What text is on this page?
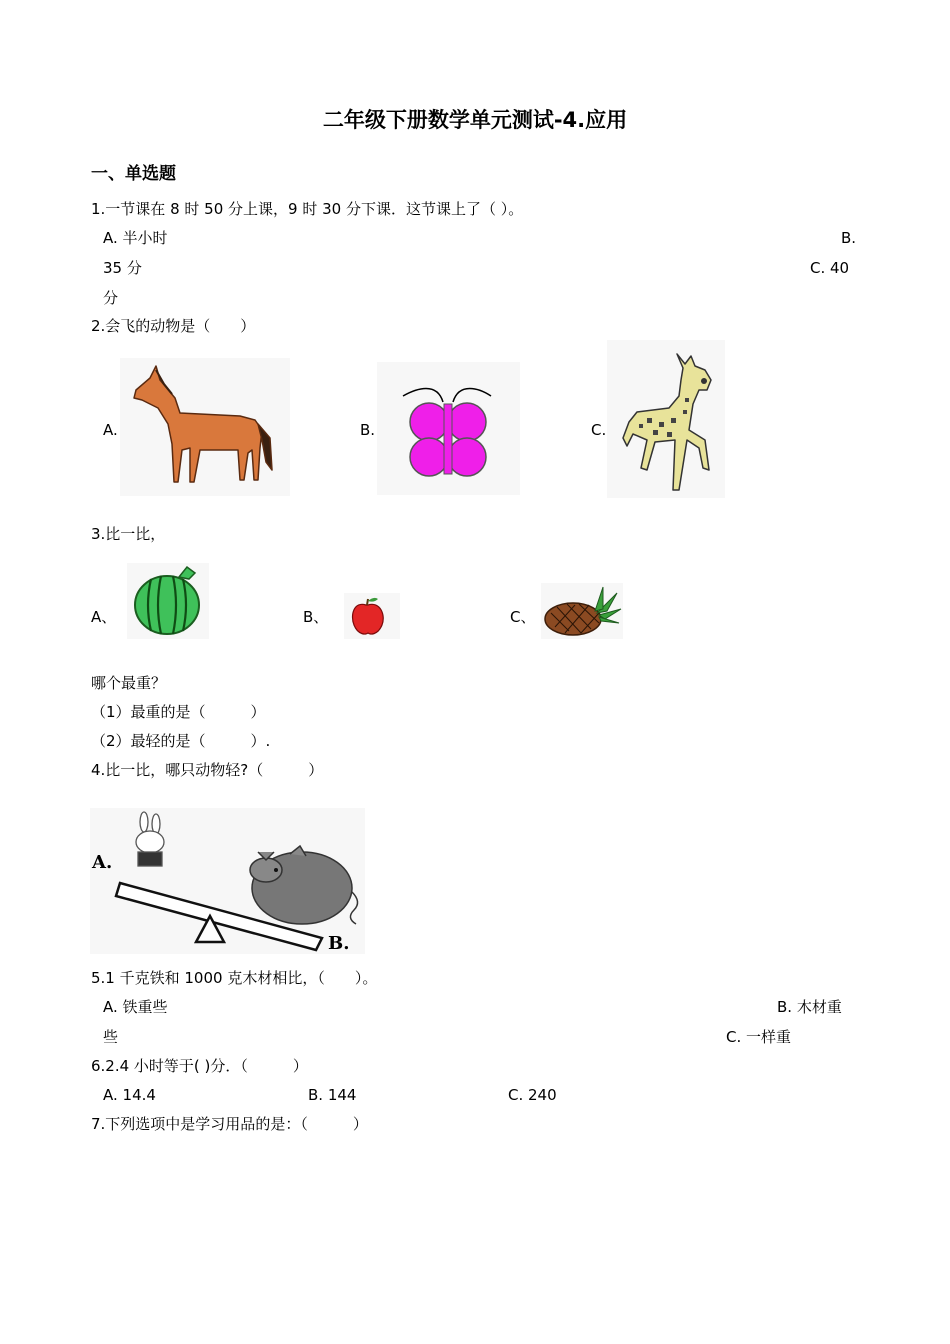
二年级下册数学单元测试-4.应用
一、单选题
1.一节课在 8 时 50 分上课，9 时 30 分下课．这节课上了（ ）。
A. 半小时	B.
35 分	C. 40
分
2.会飞的动物是（　　）
A.	B.	C.
3.比一比，
A、	B、	C、
哪个最重？
（1）最重的是（　　　）
（2）最轻的是（　　　）.
4.比一比，哪只动物轻?（　　　）
A.
B.
5.1 千克铁和 1000 克木材相比，（　　）。
A. 铁重些	B. 木材重
些	C. 一样重
6.2.4 小时等于( )分．（　　　）
A. 14.4	B. 144	C. 240
7.下列选项中是学习用品的是：（　　　）
